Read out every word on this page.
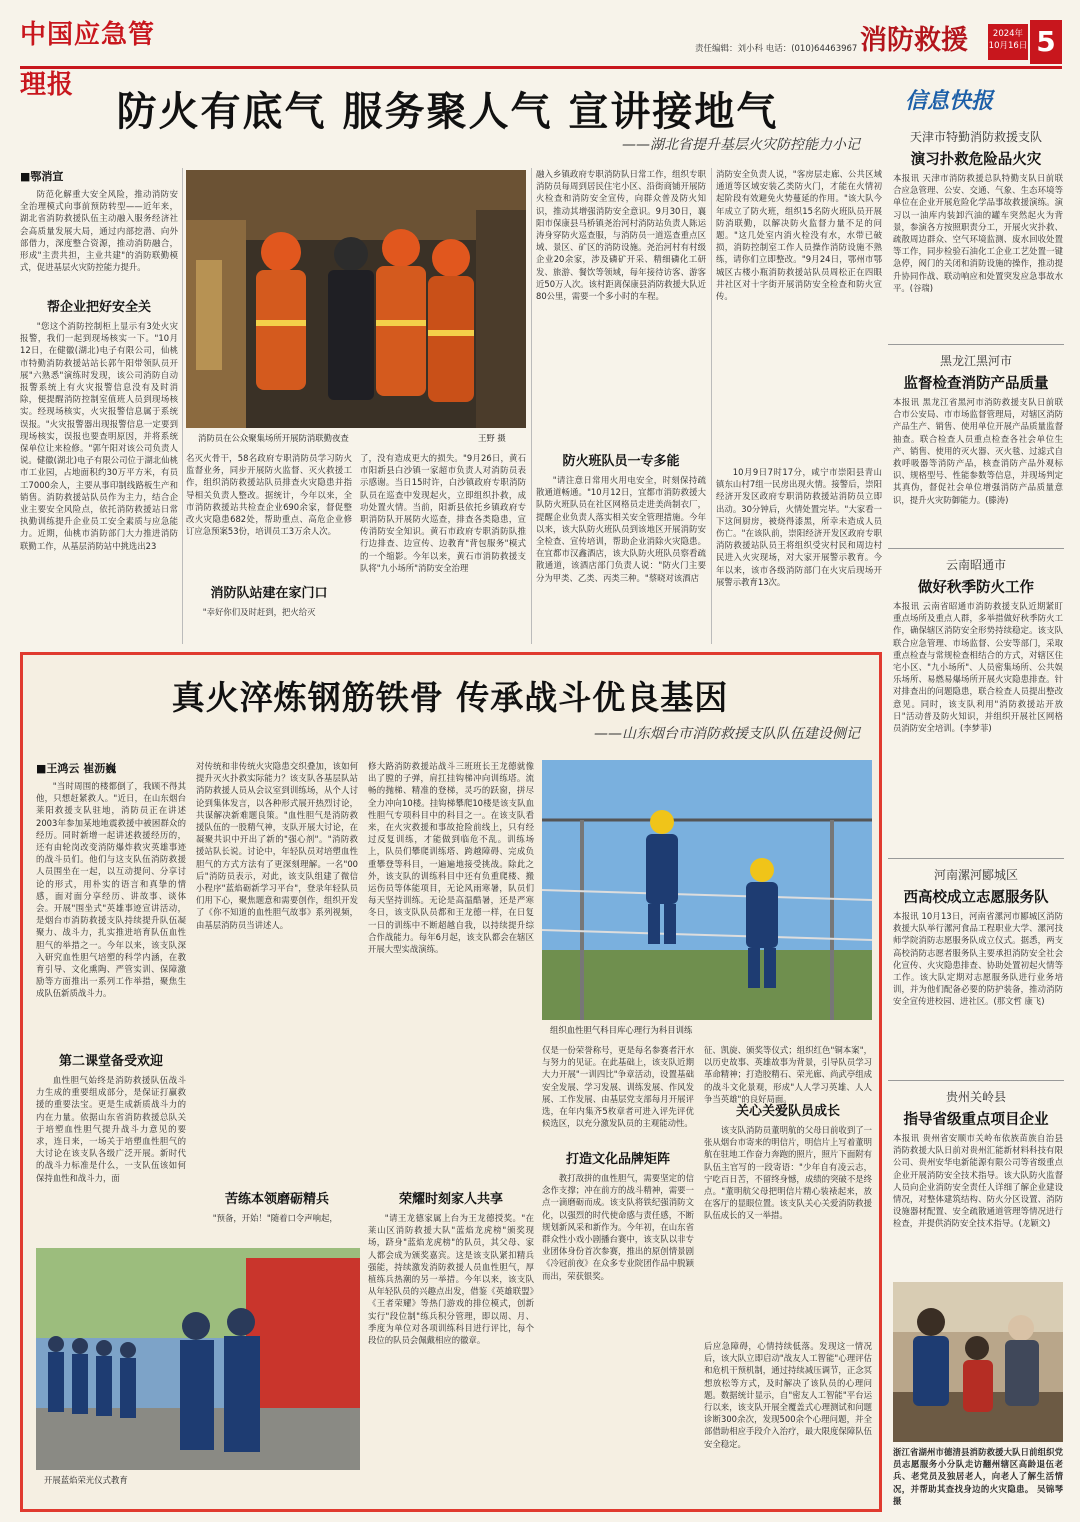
中国应急管理报
责任编辑：刘小科 电话：(010)64463967 消防救援	2024年
10月16日 5
防火有底气 服务聚人气 宣讲接地气
——湖北省提升基层火灾防控能力小记
■鄂消宣
防范化解重大安全风险，推动消防安全治理模式向事前预防转型——近年来，湖北省消防救援队伍主动融入服务经济社会高质量发展大局，通过内部挖潜、向外部借力，深度整合资源，推动消防融合，形成"主责共担，主业共建"的消防联勤模式，促进基层火灾防控能力提升。
帮企业把好安全关
"您这个消防控制柜上显示有3处火灾报警，我们一起到现场核实一下。"10月12日，在健徽(湖北)电子有限公司，仙桃市特勤消防救援站站长郭午阳带领队员开展"六熟悉"演练时发现，该公司消防自动报警系统上有火灾报警信息没有及时消除，便提醒消防控制室值班人员到现场核实。经现场核实，火灾报警信息属于系统误报。"火灾报警器出现报警信息一定要到现场核实，误报也要查明原因，并将系统保单位让来检修。"郭午阳对该公司负责人说。健徽(湖北)电子有限公司位于湖北仙桃市工业园，占地面积约30万平方米，有员工7000余人，主要从事印制线路板生产和销售。消防救援站队员作为主力，结合企业主要安全风险点，依托消防救援站日常执勤训练提升企业员工安全素质与应急能力。近期，仙桃市消防部门大力推进消防联勤工作，从基层消防站中挑选出23
消防员在公众聚集场所开展防消联勤夜查	王野 摄
名灭火骨干，58名政府专职消防员学习防火监督业务，同步开展防火监督、灭火救援工作，组织消防救援站队员排查火灾隐患并指导相关负责人整改。据统计，今年以来，全市消防救援站共检查企业690余家，督促整改火灾隐患682处，帮助重点、高危企业修订应急预案53份，培训员工3万余人次。
消防队站建在家门口
"幸好你们及时赶到，把火给灭
了，没有造成更大的损失。"9月26日，黄石市阳新县白沙镇一家超市负责人对消防员表示感谢。当日15时许，白沙镇政府专职消防队员在巡查中发现起火，立即组织扑救，成功处置火情。当前，阳新县依托乡镇政府专职消防队开展防火巡查，排查各类隐患，宣传消防安全知识。黄石市政府专职消防队推行边排查、边宣传、边教育"背包服务"模式的一个缩影。今年以来，黄石市消防救援支队将"九小场所"消防安全治理
融入乡镇政府专职消防队日常工作，组织专职消防员每周到居民住宅小区、沿街商铺开展防火检查和消防安全宣传，向群众普及防火知识，推动其增强消防安全意识。9月30日，襄阳市保康县马桥镇尧治河村消防站负责人陈运涛身穿防火巡查服，与消防员一道巡查重点区域、景区、矿区的消防设施。尧治河村有村级企业20余家，涉及磷矿开采、精细磷化工研发、旅游、餐饮等领域，每年接待访客、游客近50万人次。该村距离保康县消防救援大队近80公里，需要一个多小时的车程。
防火班队员一专多能
"请注意日常用火用电安全，时刻保持疏散通道畅通。"10月12日，宜都市消防救援大队防火班队员在社区网格员走进美尚制衣厂，提醒企业负责人落实相关安全管理措施。今年以来，该大队防火班队员到该地区开展消防安全检查、宣传培训，帮助企业消除火灾隐患。在宜都市汉鑫酒店，该大队防火班队员察看疏散通道，该酒店部门负责人说："防火门主要分为甲类、乙类、丙类三种。"蔡晓对该酒店
消防安全负责人说，"客房层走廊、公共区域通道等区域安装乙类防火门，才能在火情初起阶段有效避免火势蔓延的作用。"该大队今年成立了防火班，组织15名防火班队员开展防消联勤，以解决防火监督力量不足的问题。"这几处室内消火栓没有水，水带已破损，消防控制室工作人员操作消防设施不熟练，请你们立即整改。"9月24日，鄂州市鄂城区古楼小瓶消防救援站队员周松正在四眼井社区对十字街开展消防安全检查和防火宣传。
10月9日7时17分，咸宁市崇阳县青山镇东山村7组一民房出现火情。接警后，崇阳经济开发区政府专职消防救援站消防员立即出动。30分钟后，火情处置完毕。"大家看一下这间厨房，被烧得漆黑，所幸未造成人员伤亡。"在该队前，崇阳经济开发区政府专职消防救援站队员王将组织受灾村民和周边村民进入火灾现场，对大家开展警示教育。今年以来，该市各级消防部门在火灾后现场开展警示教育13次。
真火淬炼钢筋铁骨 传承战斗优良基因
——山东烟台市消防救援支队队伍建设侧记
■王鸿云 崔沥巍
"当时周围的楼都倒了，我顾不得其他，只想赶紧救人。"近日，在山东烟台莱阳救援支队驻地，消防员正在讲述2003年参加某地地震救援中被困群众的经历。同时新增一起讲述救援经历的，还有由轮岗改变消防爆炸救灾英雄事迹的战斗员们。他们与这支队伍消防救援人员围坐在一起，以互动提问、分享讨论的形式，用朴实的语言和真挚的情感，面对面分享经历、讲故事、谈体会。开展"围坐式"英雄事迹宣讲活动，是烟台市消防救援支队持续提升队伍凝聚力、战斗力，扎实推进培育队伍血性胆气的举措之一。今年以来，该支队深入研究血性胆气培塑的科学内涵，在教育引导、文化熏陶、严管实训、保障激励等方面推出一系列工作举措，聚焦生成队伍新质战斗力。
第二课堂备受欢迎
血性胆气始终是消防救援队伍战斗力生成的重要组成部分，是保证打赢救援的重要法宝。更是生成新质战斗力的内在力量。依据山东省消防救援总队关于培塑血性胆气提升战斗力意见的要求，连日来，一场关于培塑血性胆气的大讨论在该支队各级广泛开展。新时代的战斗力标准是什么，一支队伍该如何保持血性和战斗力，面
对传统和非传统火灾隐患交织叠加，该如何提升灭火扑救实际能力？该支队各基层队站消防救援人员从会议室到训练场，从个人讨论到集体发言，以各种形式展开热烈讨论，共谋解决新难题良策。"血性胆气是消防救援队伍的一股精气神，支队开展大讨论，在凝聚共识中开出了新的"强心剂"。"消防救援站队长说。讨论中，年轻队员对培塑血性胆气的方式方法有了更深刻理解。一名"00后"消防员表示，对此，该支队组建了微信小程序"蓝焰砺新学习平台"，登录年轻队员们用下心，聚焦题意和需要创作，组织开发了《你不知道的血性胆气故事》系列视频，由基层消防员当讲述人。
苦练本领磨砺精兵
"预备，开始！"随着口令声响起，
修大路消防救援站战斗三班班长王龙德就像出了膛的子弹，肩扛挂钩梯冲向训练塔。流畅的抛梯、精准的登梯，灵巧的跃窗，拼尽全力冲向10楼。挂钩梯攀爬10楼是该支队血性胆气专项科目中的科目之一。在该支队看来，在火灾救援和事故抢险前线上，只有经过反复训练，才能做到临危不乱。训练场上，队员们攀爬训练塔、跨越障碍、完成负重攀登等科目，一遍遍地接受挑战。除此之外，该支队的训练科目中还有负重爬楼、搬运伤员等体能项目，无论风雨寒暑，队员们每天坚持训练。无论是高温酷暑，还是严寒冬日，该支队队员都和王龙德一样，在日复一日的训练中不断超越自我，以持续提升综合作战能力。每年6月起，该支队都会在辖区开展大型实战演练。
荣耀时刻家人共享
"请王龙德家属上台为王龙德授奖。"在莱山区消防救援大队"蓝焰龙虎榜"颁奖现场，跻身"蓝焰龙虎榜"的队员，其父母、家人都会成为颁奖嘉宾。这是该支队紧扣精兵强能，持续激发消防救援人员血性胆气，厚植练兵热潮的另一举措。今年以来，该支队从年轻队员的兴趣点出发，借鉴《英雄联盟》《王者荣耀》等热门游戏的排位模式，创新实行"段位制"练兵积分管理，即以周、月、季度为单位对各项训练科目进行评比，每个段位的队员会佩戴相应的徽章。
开展蓝焰荣光仪式教育
组织血性胆气科目库心理行为科目训练
仅是一份荣誉称号，更是每名参赛者汗水与努力的见证。在此基础上，该支队近期大力开展"一训四比"争章活动，设置基础安全发展、学习发展、训练发展、作风发展、工作发展、由基层党支部每月开展评选，在年内集齐5枚章者可进入评先评优候选区，以充分激发队员的主观能动性。
打造文化品牌矩阵
教打敌拼的血性胆气，需要坚定的信念作支撑；冲在前方的战斗精神，需要一点一滴磨砺而成。该支队将铁纪强消防文化，以强烈的时代使命感与责任感，不断规划新风采和新作为。今年初，在山东省群众性小戏小剧播台赛中，该支队以非专业团体身份首次参赛，推出的原创情景剧《冷冠前夜》在众多专业院团作品中脱颖而出，荣获银奖。
征、凯旋、颁奖等仪式；组织红色"铜本案"，以历史故事、英雄故事为背景，引导队员学习革命精神；打造胶精石、荣光廊、尚武亭组成的战斗文化景观，形成"人人学习英雄、人人争当英雄"的良好局面。
关心关爱队员成长
该支队消防员董明航的父母日前收到了一张从烟台市寄来的明信片，明信片上写着董明航在驻地工作奋力奔跑的照片，照片下面附有队伍主官写的一段寄语："少年自有凌云志，宁吃百日苦，不留终身憾，成绩的突破不是终点。"董明航父母把明信片精心装裱起来，放在客厅的显眼位置。该支队关心关爱消防救援队伍成长的又一举措。
后应急障碍，心情持续低落。发现这一情况后，该大队立即启动"战友人工智能"心理评估和危机干预机制，通过持续减压调节，正念冥想放松等方式，及时解决了该队员的心理问题。数据统计显示，自"密友人工智能"平台运行以来，该支队开展全覆盖式心理测试和问题诊断300余次，发现500余个心理问题，并全部借助相应手段介入治疗，最大限度保障队伍安全稳定。
信息快报
天津市特勤消防救援支队
演习扑救危险品火灾
本报讯 天津市消防救援总队特勤支队日前联合应急管理、公安、交通、气象、生态环境等单位在企业开展危险化学品事故救援演练。演习以一油库内装卸汽油的罐车突然起火为背景，参演各方按照职责分工，开展火灾扑救、疏散周边群众、空气环境监测、废水回收处置等工作，同步检验石油化工企业工艺处置一键急停，阀门的关闭和消防设施的操作，推动提升协同作战、联动响应和处置突发应急事故水平。(谷瑞)
黑龙江黑河市
监督检查消防产品质量
本报讯 黑龙江省黑河市消防救援支队日前联合市公安局、市市场监督管理局，对辖区消防产品生产、销售、使用单位开展产品质量监督抽查。联合检查人员重点检查各社会单位生产、销售、使用的灭火器、灭火毯、过滤式自救呼吸器等消防产品，核查消防产品外观标识、规格型号、性能参数等信息，并现场判定其真伪，督促社会单位增强消防产品质量意识，提升火灾防御能力。(滕涛)
云南昭通市
做好秋季防火工作
本报讯 云南省昭通市消防救援支队近期紧盯重点场所及重点人群，多举措做好秋季防火工作，确保辖区消防安全形势持续稳定。该支队联合应急管理、市场监督、公安等部门，采取重点检查与常规检查相结合的方式，对辖区住宅小区、"九小场所"、人员密集场所、公共娱乐场所、易燃易爆场所开展火灾隐患排查。针对排查出的问题隐患，联合检查人员提出整改意见。同时，该支队利用"消防救援站开放日"活动普及防火知识，并组织开展社区网格员消防安全培训。(李梦菲)
河南漯河郾城区
西高校成立志愿服务队
本报讯 10月13日，河南省漯河市郾城区消防救援大队举行漯河食品工程职业大学、漯河技师学院消防志愿服务队成立仪式。据悉，两支高校消防志愿者服务队主要承担消防安全社会化宣传、火灾隐患排查、协助处置初起火情等工作。该大队定期对志愿服务队进行业务培训，并为他们配备必要的防护装备，推动消防安全宣传进校园、进社区。(那文哲 康飞)
贵州关岭县
指导省级重点项目企业
本报讯 贵州省安顺市关岭布依族苗族自治县消防救援大队日前对贵州汇能新材料科技有限公司、贵州安华电新能源有限公司等省级重点企业开展消防安全技术指导。该大队防火监督人员向企业消防安全责任人详细了解企业建设情况，对整体建筑结构、防火分区设置、消防设施器材配置、安全疏散通道管理等情况进行检查，并提供消防安全技术指导。(龙颖文)
浙江省湖州市德清县消防救援大队日前组织党员志愿服务小分队走访翻州辖区高龄退伍老兵、老党员及独居老人，向老人了解生活情况，并帮助其查找身边的火灾隐患。 吴锦琴 摄
